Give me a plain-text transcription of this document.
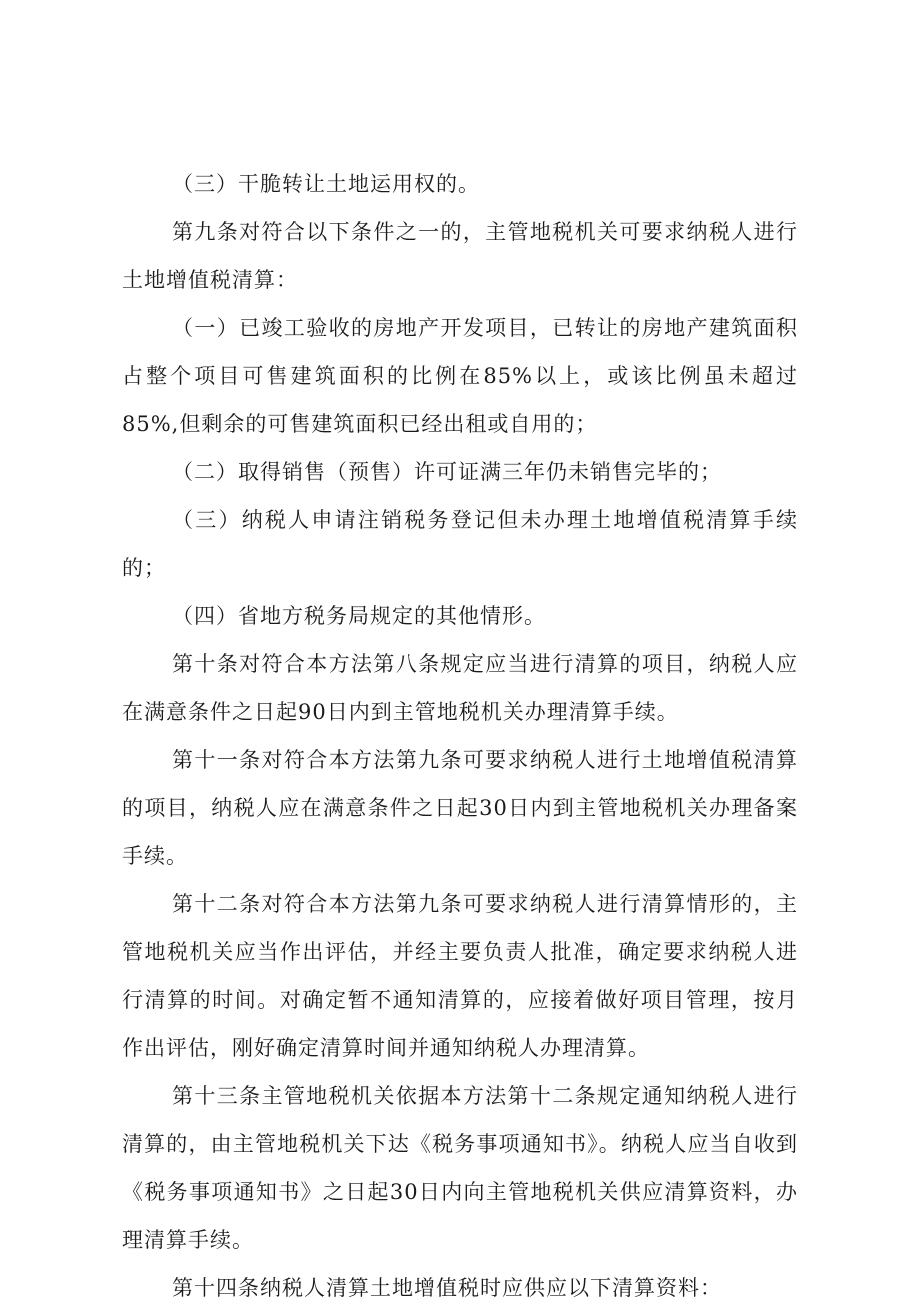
（三）干脆转让土地运用权的。

第九条对符合以下条件之一的，主管地税机关可要求纳税人进行土地增值税清算：

（一）已竣工验收的房地产开发项目，已转让的房地产建筑面积占整个项目可售建筑面积的比例在85%以上，或该比例虽未超过85%,但剩余的可售建筑面积已经出租或自用的；

（二）取得销售（预售）许可证满三年仍未销售完毕的；

（三）纳税人申请注销税务登记但未办理土地增值税清算手续的；

（四）省地方税务局规定的其他情形。

第十条对符合本方法第八条规定应当进行清算的项目，纳税人应在满意条件之日起90日内到主管地税机关办理清算手续。

第十一条对符合本方法第九条可要求纳税人进行土地增值税清算的项目，纳税人应在满意条件之日起30日内到主管地税机关办理备案手续。

第十二条对符合本方法第九条可要求纳税人进行清算情形的，主管地税机关应当作出评估，并经主要负责人批准，确定要求纳税人进行清算的时间。对确定暂不通知清算的，应接着做好项目管理，按月作出评估，刚好确定清算时间并通知纳税人办理清算。

第十三条主管地税机关依据本方法第十二条规定通知纳税人进行清算的，由主管地税机关下达《税务事项通知书》。纳税人应当自收到《税务事项通知书》之日起30日内向主管地税机关供应清算资料，办理清算手续。

第十四条纳税人清算土地增值税时应供应以下清算资料：
